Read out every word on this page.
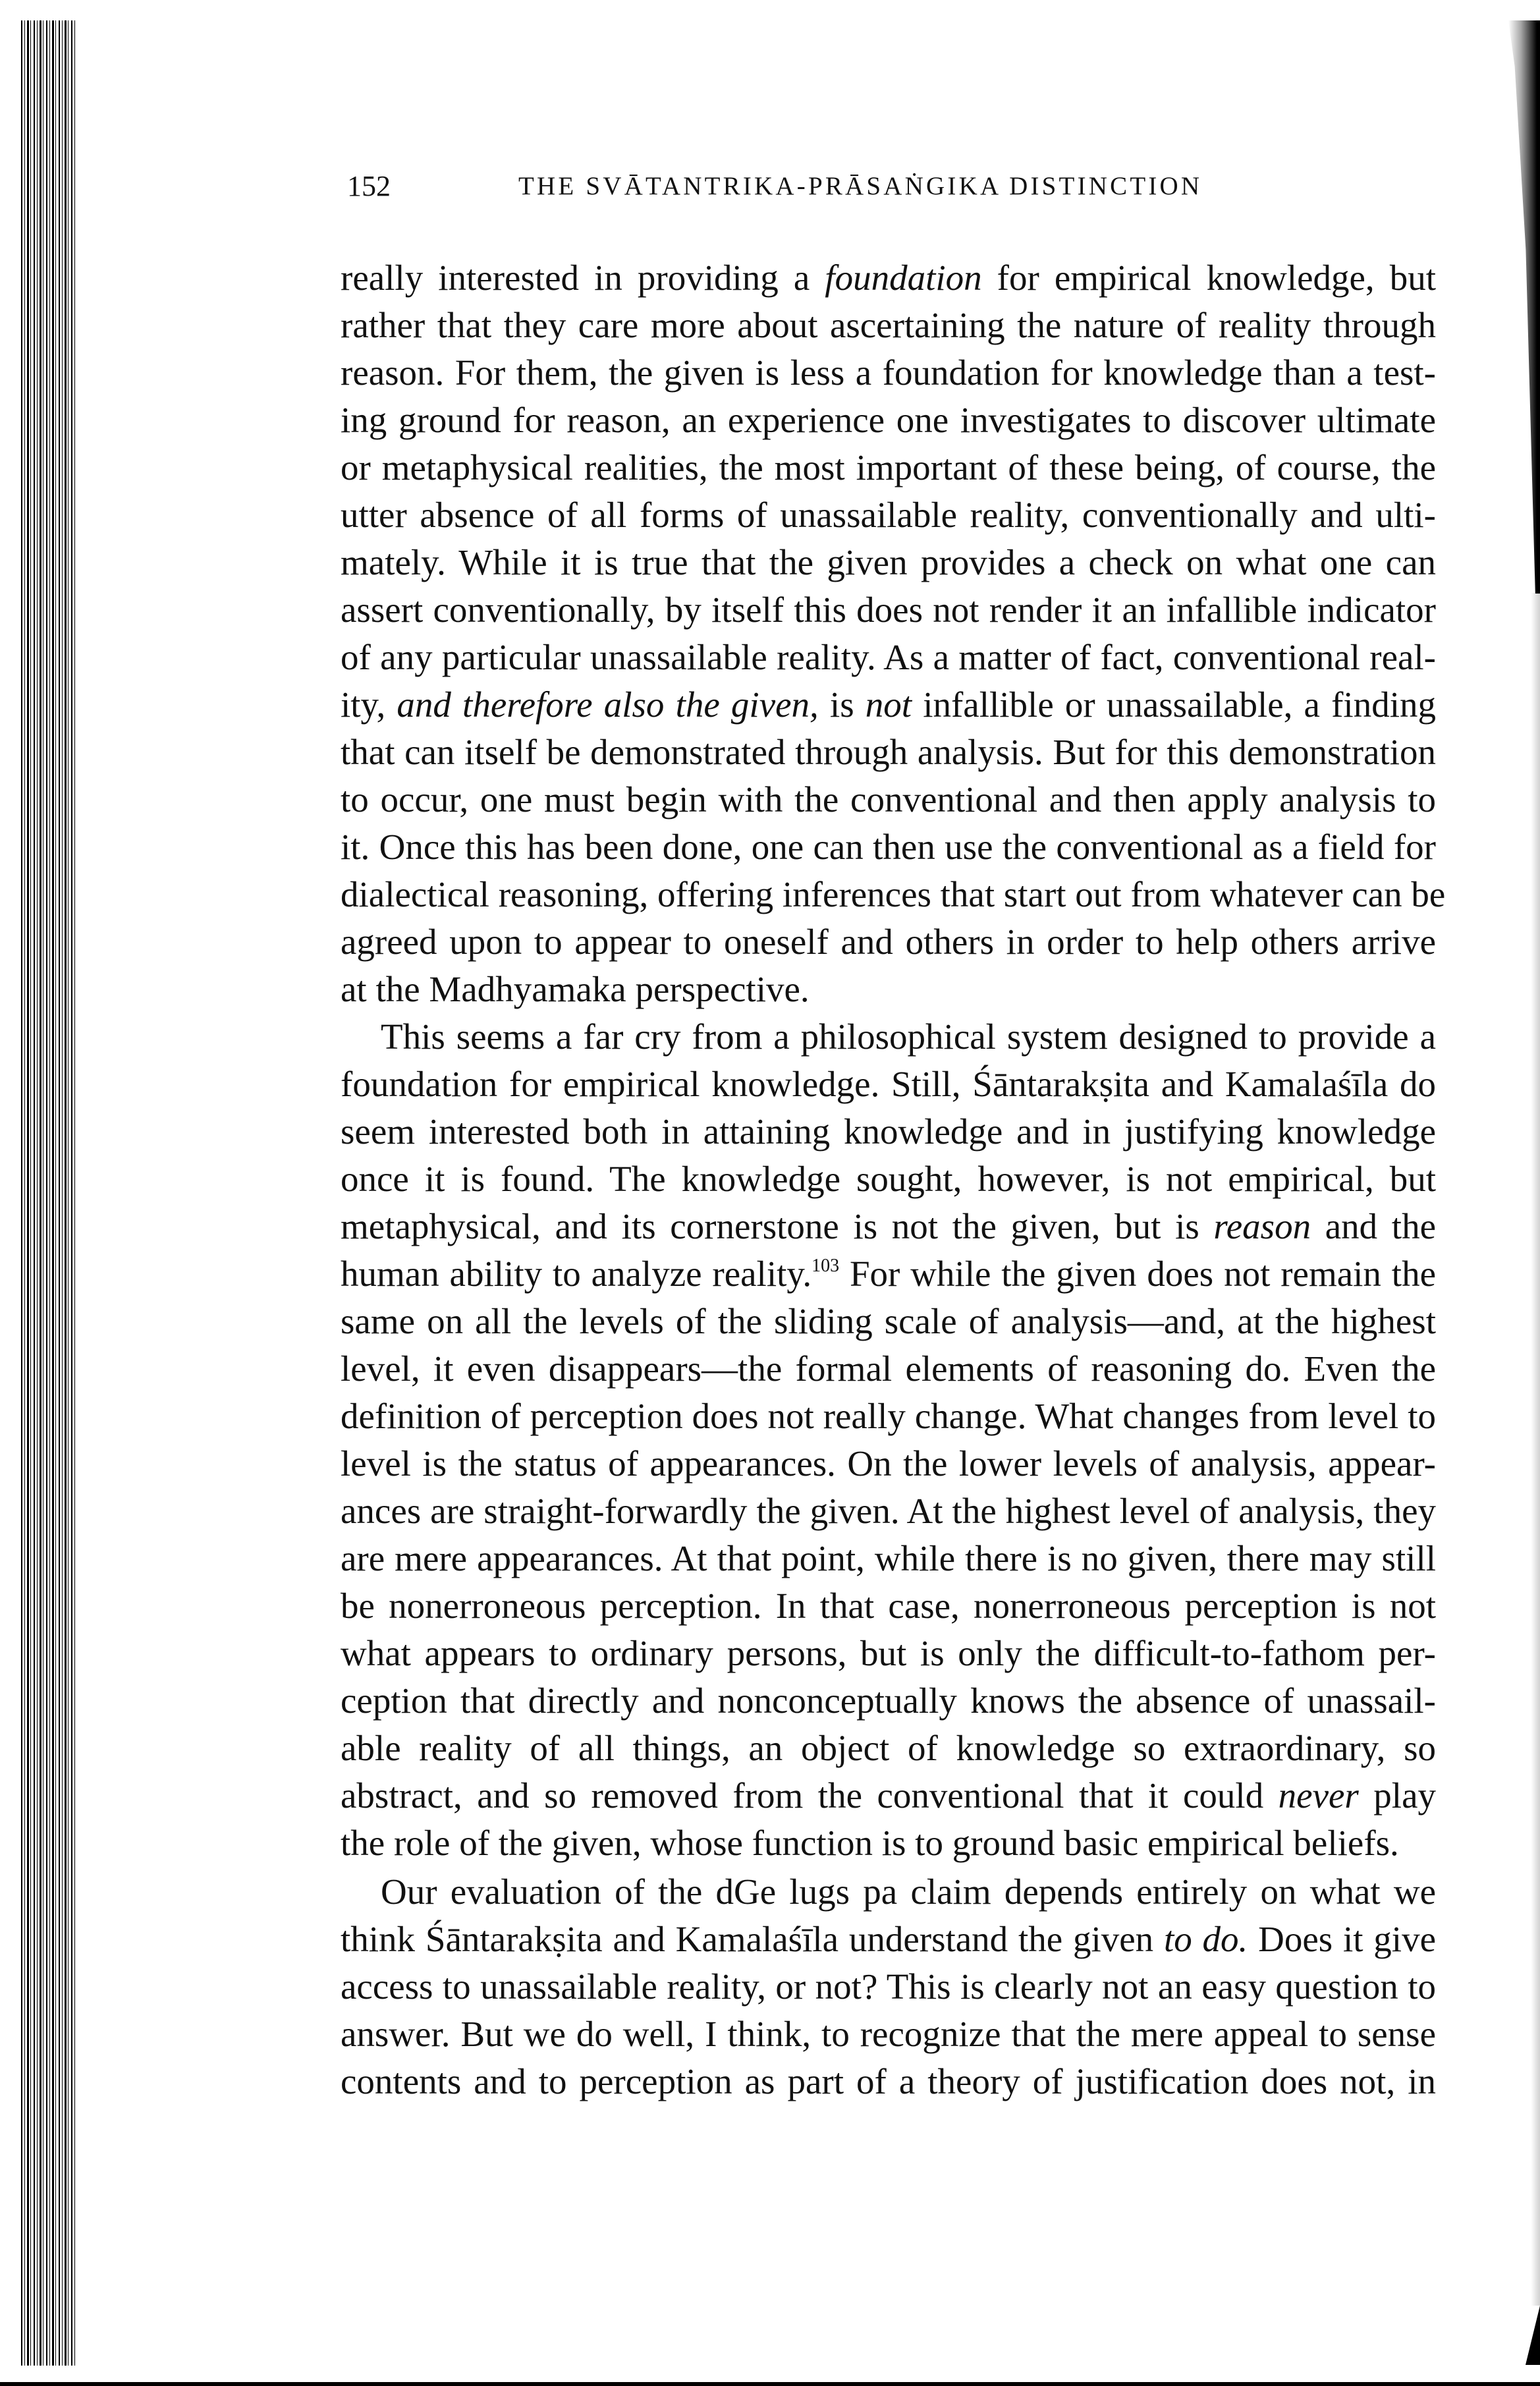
152	THE SVĀTANTRIKA-PRĀSAṄGIKA DISTINCTION

really interested in providing a foundation for empirical knowledge, but
rather that they care more about ascertaining the nature of reality through
reason. For them, the given is less a foundation for knowledge than a test-
ing ground for reason, an experience one investigates to discover ultimate
or metaphysical realities, the most important of these being, of course, the
utter absence of all forms of unassailable reality, conventionally and ulti-
mately. While it is true that the given provides a check on what one can
assert conventionally, by itself this does not render it an infallible indicator
of any particular unassailable reality. As a matter of fact, conventional real-
ity, and therefore also the given, is not infallible or unassailable, a finding
that can itself be demonstrated through analysis. But for this demonstration
to occur, one must begin with the conventional and then apply analysis to
it. Once this has been done, one can then use the conventional as a field for
dialectical reasoning, offering inferences that start out from whatever can be
agreed upon to appear to oneself and others in order to help others arrive
at the Madhyamaka perspective.

This seems a far cry from a philosophical system designed to provide a
foundation for empirical knowledge. Still, Śāntarakṣita and Kamalaśīla do
seem interested both in attaining knowledge and in justifying knowledge
once it is found. The knowledge sought, however, is not empirical, but
metaphysical, and its cornerstone is not the given, but is reason and the
human ability to analyze reality.$^{103}$ For while the given does not remain the
same on all the levels of the sliding scale of analysis—and, at the highest
level, it even disappears—the formal elements of reasoning do. Even the
definition of perception does not really change. What changes from level to
level is the status of appearances. On the lower levels of analysis, appear-
ances are straight-forwardly the given. At the highest level of analysis, they
are mere appearances. At that point, while there is no given, there may still
be nonerroneous perception. In that case, nonerroneous perception is not
what appears to ordinary persons, but is only the difficult-to-fathom per-
ception that directly and nonconceptually knows the absence of unassail-
able reality of all things, an object of knowledge so extraordinary, so
abstract, and so removed from the conventional that it could never play
the role of the given, whose function is to ground basic empirical beliefs.

Our evaluation of the dGe lugs pa claim depends entirely on what we
think Śāntarakṣita and Kamalaśīla understand the given to do. Does it give
access to unassailable reality, or not? This is clearly not an easy question to
answer. But we do well, I think, to recognize that the mere appeal to sense
contents and to perception as part of a theory of justification does not, in
